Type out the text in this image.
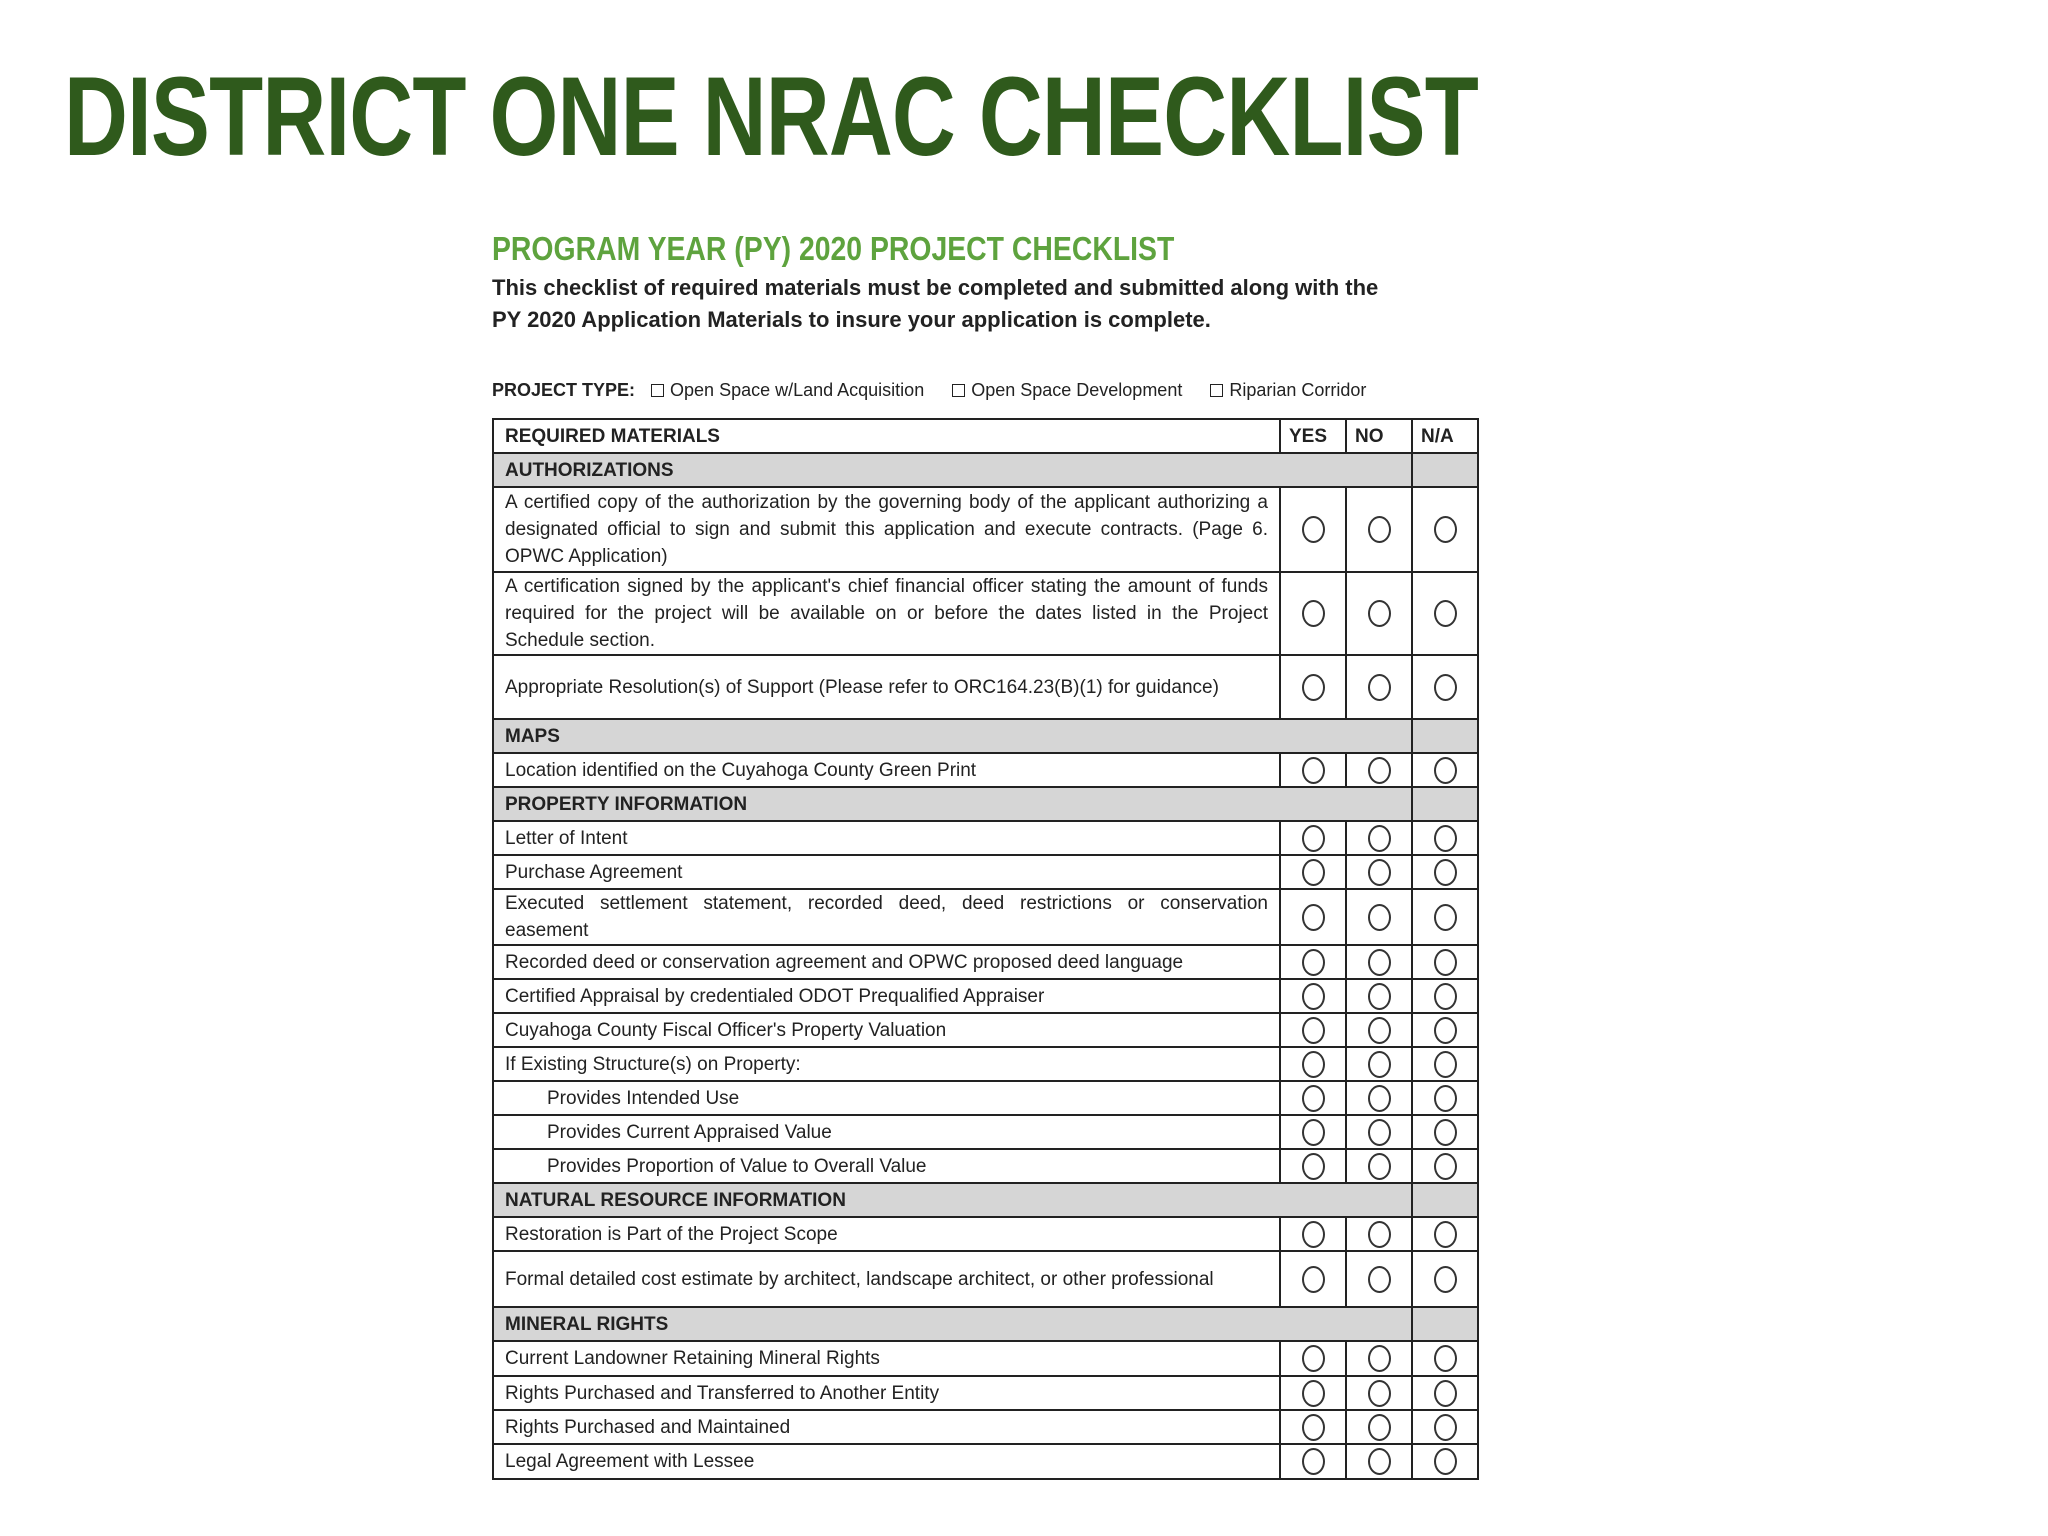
DISTRICT ONE NRAC CHECKLIST
PROGRAM YEAR (PY) 2020 PROJECT CHECKLIST
This checklist of required materials must be completed and submitted along with the
PY 2020 Application Materials to insure your application is complete.
PROJECT TYPE: Open Space w/Land Acquisition	Open Space Development	Riparian Corridor
REQUIRED MATERIALS	YES	NO	N/A
AUTHORIZATIONS			
A certified copy of the authorization by the governing body of the applicant authorizing a designated official to sign and submit this application and execute contracts. (Page 6. OPWC Application)			
A certification signed by the applicant's chief financial officer stating the amount of funds required for the project will be available on or before the dates listed in the Project Schedule section.			
Appropriate Resolution(s) of Support (Please refer to ORC164.23(B)(1) for guidance)			
MAPS			
Location identified on the Cuyahoga County Green Print			
PROPERTY INFORMATION			
Letter of Intent			
Purchase Agreement			
Executed settlement statement, recorded deed, deed restrictions or conservation easement			
Recorded deed or conservation agreement and OPWC proposed deed language			
Certified Appraisal by credentialed ODOT Prequalified Appraiser			
Cuyahoga County Fiscal Officer's Property Valuation			
If Existing Structure(s) on Property:			
Provides Intended Use			
Provides Current Appraised Value			
Provides Proportion of Value to Overall Value			
NATURAL RESOURCE INFORMATION			
Restoration is Part of the Project Scope			
Formal detailed cost estimate by architect, landscape architect, or other professional			
MINERAL RIGHTS			
Current Landowner Retaining Mineral Rights			
Rights Purchased and Transferred to Another Entity			
Rights Purchased and Maintained			
Legal Agreement with Lessee			
